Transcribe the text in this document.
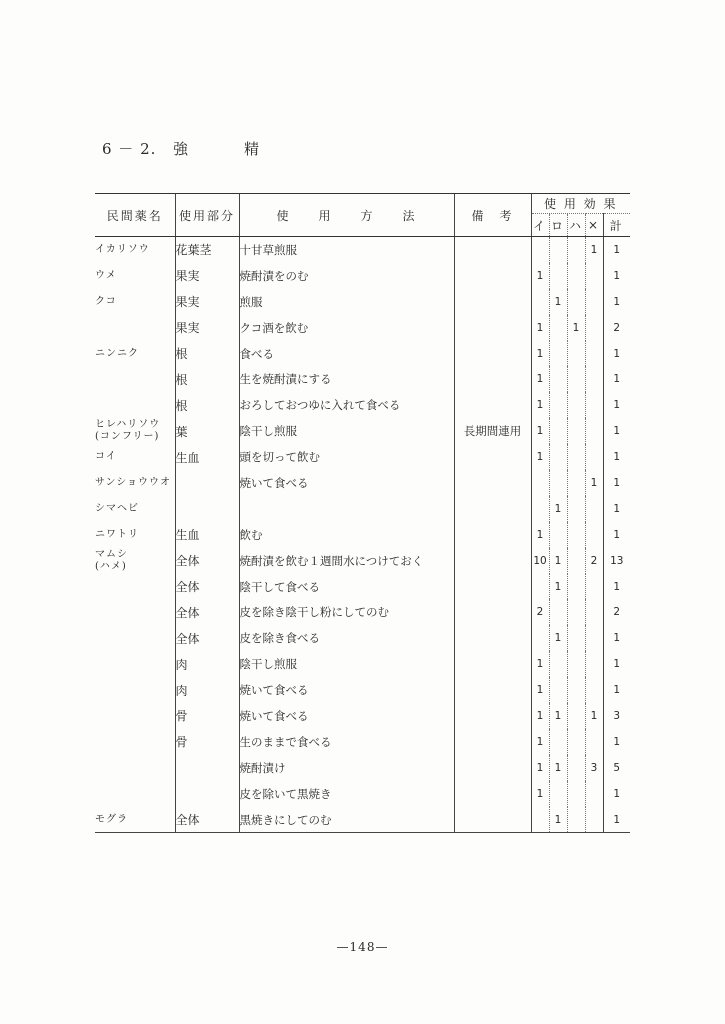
6 － 2. 強	精
民間薬名	使用部分	使　　用　　方　　法	備　考	使 用 効 果				
				イ	ロ	ハ	×	計

イカリソウ	花葉茎	十甘草煎服					1	1

ウメ	果実	焼酎漬をのむ		1				1

クコ	果実	煎服			1			1

	果実	クコ酒を飲む		1		1		2

ニンニク	根	食べる		1				1

	根	生を焼酎漬にする		1				1

	根	おろしておつゆに入れて食べる		1				1

ヒレハリソウ
(コンフリー)	葉	陰干し煎服	長期間連用	1				1

コイ	生血	頭を切って飲む		1				1

サンショウウオ		焼いて食べる					1	1

シマヘビ					1			1

ニワトリ	生血	飲む		1				1

マムシ
(ハメ)	全体	焼酎漬を飲む１週間水につけておく		10	1		2	13

	全体	陰干して食べる			1			1

	全体	皮を除き陰干し粉にしてのむ		2				2

	全体	皮を除き食べる			1			1

	肉	陰干し煎服		1				1

	肉	焼いて食べる		1				1

	骨	焼いて食べる		1	1		1	3

	骨	生のままで食べる		1				1

		焼酎漬け		1	1		3	5

		皮を除いて黒焼き		1				1

モグラ	全体	黒焼きにしてのむ			1			1
—148—
